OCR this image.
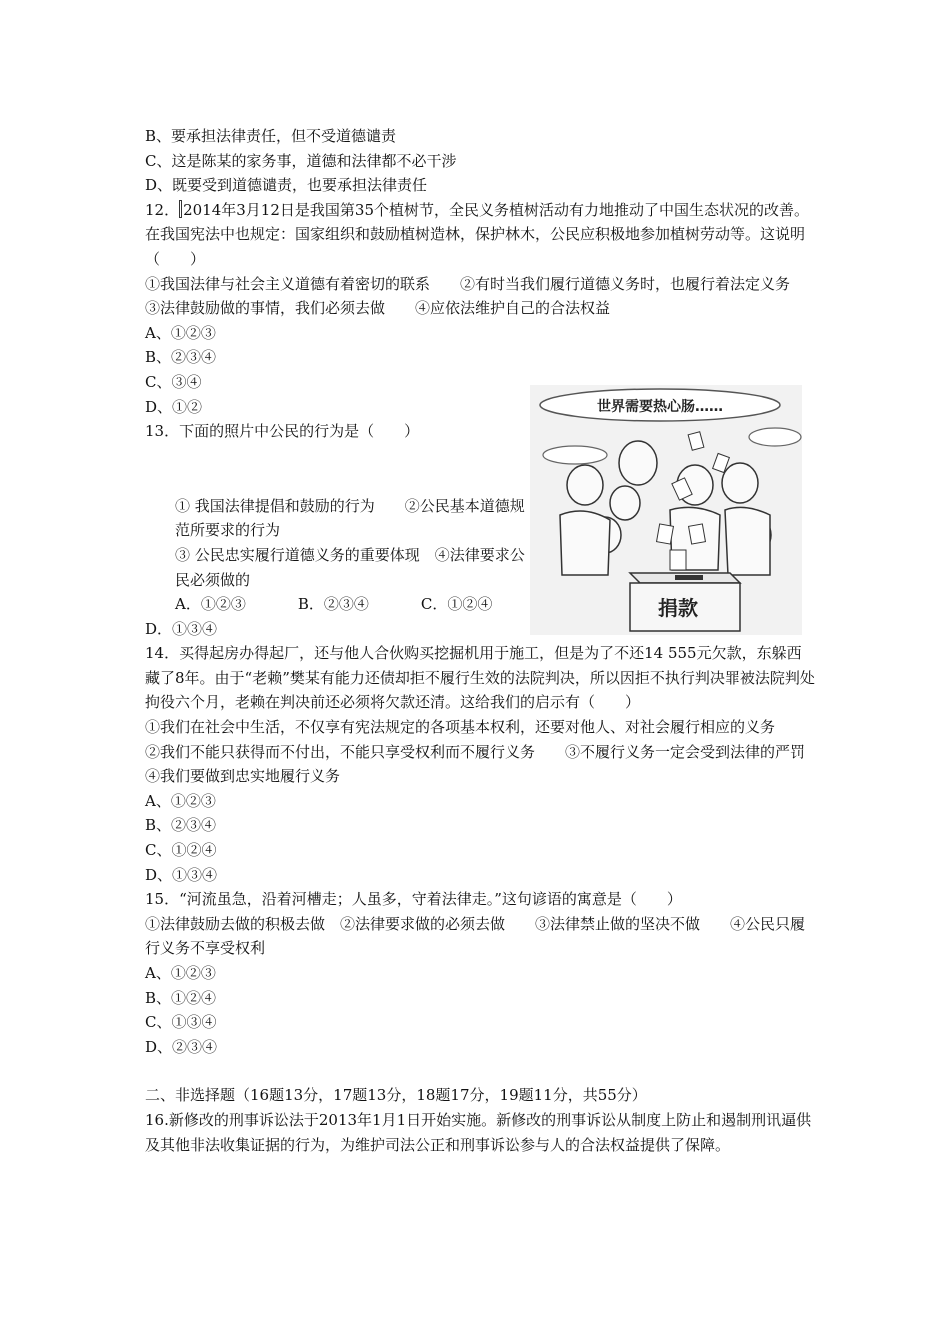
B、要承担法律责任，但不受道德谴责

C、这是陈某的家务事，道德和法律都不必干涉

D、既要受到道德谴责，也要承担法律责任

12． 2014年3月12日是我国第35个植树节，全民义务植树活动有力地推动了中国生态状况的改善。在我国宪法中也规定：国家组织和鼓励植树造林，保护林木，公民应积极地参加植树劳动等。这说明（　　）

①我国法律与社会主义道德有着密切的联系　　②有时当我们履行道德义务时，也履行着法定义务　　③法律鼓励做的事情，我们必须去做　　④应依法维护自己的合法权益

A、①②③

B、②③④

C、③④

D、①②

13．下面的照片中公民的行为是（　　）

① 我国法律提倡和鼓励的行为　　②公民基本道德规范所要求的行为

③ 公民忠实履行道德义务的重要体现　④法律要求公民必须做的

A．①②③	B．②③④	C．①②④

D．①③④

14．买得起房办得起厂，还与他人合伙购买挖掘机用于施工，但是为了不还14 555元欠款，东躲西藏了8年。由于“老赖”樊某有能力还债却拒不履行生效的法院判决，所以因拒不执行判决罪被法院判处拘役六个月，老赖在判决前还必须将欠款还清。这给我们的启示有（　　）

①我们在社会中生活，不仅享有宪法规定的各项基本权利，还要对他人、对社会履行相应的义务　　②我们不能只获得而不付出，不能只享受权利而不履行义务　　③不履行义务一定会受到法律的严罚　　④我们要做到忠实地履行义务

A、①②③

B、②③④

C、①②④

D、①③④

15．“河流虽急，沿着河槽走；人虽多，守着法律走。”这句谚语的寓意是（　　）

①法律鼓励去做的积极去做　②法律要求做的必须去做　　③法律禁止做的坚决不做　　④公民只履行义务不享受权利

A、①②③

B、①②④

C、①③④

D、②③④

二、非选择题（16题13分，17题13分，18题17分，19题11分，共55分）

16.新修改的刑事诉讼法于2013年1月1日开始实施。新修改的刑事诉讼从制度上防止和遏制刑讯逼供及其他非法收集证据的行为，为维护司法公正和刑事诉讼参与人的合法权益提供了保障。

世界需要热心肠……
捐款
